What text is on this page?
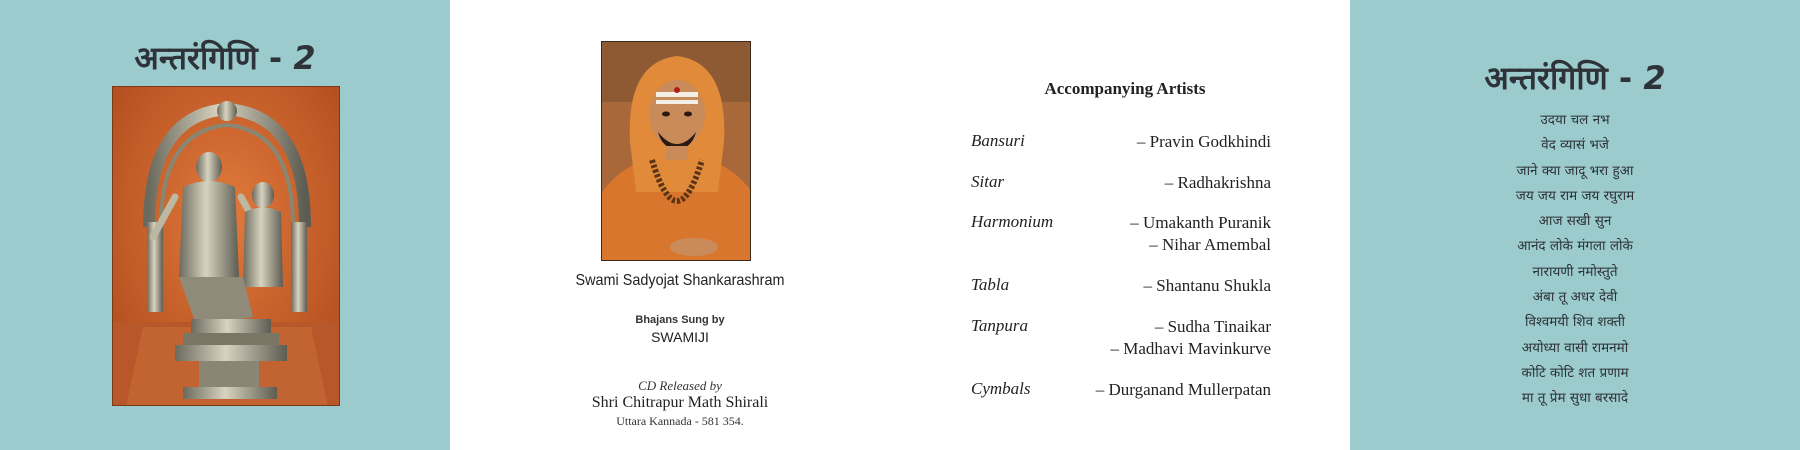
अन्तरंगिणि - 2
Swami Sadyojat Shankarashram
Bhajans Sung by
SWAMIJI
CD Released by
Shri Chitrapur Math Shirali
Uttara Kannada - 581 354.
Accompanying Artists
Bansuri	– Pravin Godkhindi
Sitar	– Radhakrishna
Harmonium	– Umakanth Puranik
– Nihar Amembal
Tabla	– Shantanu Shukla
Tanpura	– Sudha Tinaikar
– Madhavi Mavinkurve
Cymbals	– Durganand Mullerpatan
अन्तरंगिणि - 2
उदया चल नभ
वेद व्यासं भजे
जाने क्या जादू भरा हुआ
जय जय राम जय रघुराम
आज सखी सुन
आनंद लोके मंगला लोके
नारायणी नमोस्तुते
अंबा तू अधर देवी
विश्वमयी शिव शक्ती
अयोध्या वासी रामनमो
कोटि कोटि शत प्रणाम
मा तू प्रेम सुधा बरसादे
